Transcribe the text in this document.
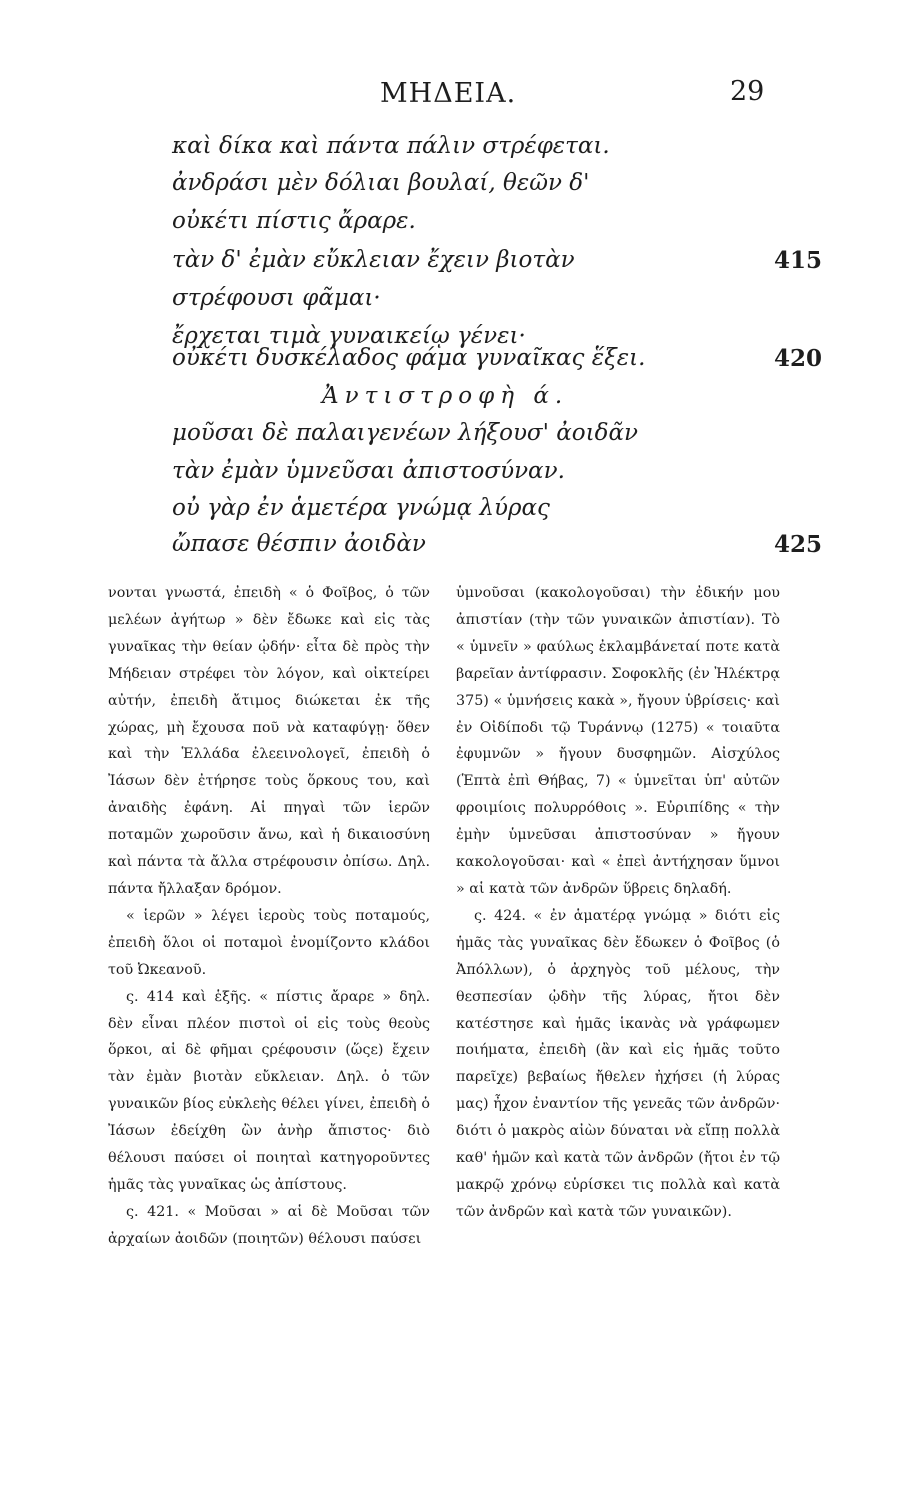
ΜΗΔΕΙΑ.	29
καὶ δίκα καὶ πάντα πάλιν στρέφεται.
ἀνδράσι μὲν δόλιαι βουλαί, θεῶν δ'
οὐκέτι πίστις ἄραρε.
τὰν δ' ἐμὰν εὔκλειαν ἔχειν βιοτὰν	415
στρέφουσι φᾶμαι·
ἔρχεται τιμὰ γυναικείῳ γένει·
οὐκέτι δυσκέλαδος φάμα γυναῖκας ἕξει.	420
Ἀντιστροφὴ ά.
μοῦσαι δὲ παλαιγενέων λήξουσ' ἀοιδᾶν
τὰν ἐμὰν ὑμνεῦσαι ἀπιστοσύναν.
οὐ γὰρ ἐν ἁμετέρα γνώμᾳ λύρας
ὤπασε θέσπιν ἀοιδὰν	425

νονται γνωστά, ἐπειδὴ « ὁ Φοῖβος, ὁ τῶν μελέων ἀγήτωρ » δὲν ἔδωκε καὶ εἰς τὰς γυναῖκας τὴν θείαν ᾠδήν· εἶτα δὲ πρὸς τὴν Μήδειαν στρέφει τὸν λόγον, καὶ οἰκτείρει αὐτήν, ἐπειδὴ ἄτιμος διώκεται ἐκ τῆς χώρας, μὴ ἔχουσα ποῦ νὰ καταφύγῃ· ὅθεν καὶ τὴν Ἑλλάδα ἐλεεινολογεῖ, ἐπειδὴ ὁ Ἰάσων δὲν ἐτήρησε τοὺς ὅρκους του, καὶ ἀναιδὴς ἐφάνη. Αἱ πηγαὶ τῶν ἱερῶν ποταμῶν χωροῦσιν ἄνω, καὶ ἡ δικαιοσύνη καὶ πάντα τὰ ἄλλα στρέφουσιν ὀπίσω. Δηλ. πάντα ἤλλαξαν δρόμον.

« ἱερῶν » λέγει ἱεροὺς τοὺς ποταμούς, ἐπειδὴ ὅλοι οἱ ποταμοὶ ἐνομίζοντο κλάδοι τοῦ Ὠκεανοῦ.

ς. 414 καὶ ἑξῆς. « πίστις ἄραρε » δηλ. δὲν εἶναι πλέον πιστοὶ οἱ εἰς τοὺς θεοὺς ὅρκοι, αἱ δὲ φῆμαι ςρέφουσιν (ὥςε) ἔχειν τὰν ἐμὰν βιοτὰν εὔκλειαν. Δηλ. ὁ τῶν γυναικῶν βίος εὐκλεὴς θέλει γίνει, ἐπειδὴ ὁ Ἰάσων ἐδείχθη ὢν ἀνὴρ ἄπιστος· διὸ θέλουσι παύσει οἱ ποιηταὶ κατηγοροῦντες ἡμᾶς τὰς γυναῖκας ὡς ἀπίστους.

ς. 421. « Μοῦσαι » αἱ δὲ Μοῦσαι τῶν ἀρχαίων ἀοιδῶν (ποιητῶν) θέλουσι παύσει

ὑμνοῦσαι (κακολογοῦσαι) τὴν ἐδικήν μου ἀπιστίαν (τὴν τῶν γυναικῶν ἀπιστίαν). Τὸ « ὑμνεῖν » φαύλως ἐκλαμβάνεταί ποτε κατὰ βαρεῖαν ἀντίφρασιν. Σοφοκλῆς (ἐν Ἠλέκτρᾳ 375) « ὑμνήσεις κακὰ », ἤγουν ὑβρίσεις· καὶ ἐν Οἰδίποδι τῷ Τυράννῳ (1275) « τοιαῦτα ἐφυμνῶν » ἤγουν δυσφημῶν. Αἰσχύλος (Ἑπτὰ ἐπὶ Θήβας, 7) « ὑμνεῖται ὑπ' αὐτῶν φροιμίοις πολυρρόθοις ». Εὐριπίδης « τὴν ἐμὴν ὑμνεῦσαι ἀπιστοσύναν » ἤγουν κακολογοῦσαι· καὶ « ἐπεὶ ἀντήχησαν ὕμνοι » αἱ κατὰ τῶν ἀνδρῶν ὕβρεις δηλαδή.

ς. 424. « ἐν ἁματέρᾳ γνώμᾳ » διότι εἰς ἡμᾶς τὰς γυναῖκας δὲν ἔδωκεν ὁ Φοῖβος (ὁ Ἀπόλλων), ὁ ἀρχηγὸς τοῦ μέλους, τὴν θεσπεσίαν ᾠδὴν τῆς λύρας, ἤτοι δὲν κατέστησε καὶ ἡμᾶς ἱκανὰς νὰ γράφωμεν ποιήματα, ἐπειδὴ (ἂν καὶ εἰς ἡμᾶς τοῦτο παρεῖχε) βεβαίως ἤθελεν ἠχήσει (ἡ λύρας μας) ἦχον ἐναντίον τῆς γενεᾶς τῶν ἀνδρῶν· διότι ὁ μακρὸς αἰὼν δύναται νὰ εἴπῃ πολλὰ καθ' ἡμῶν καὶ κατὰ τῶν ἀνδρῶν (ἤτοι ἐν τῷ μακρῷ χρόνῳ εὑρίσκει τις πολλὰ καὶ κατὰ τῶν ἀνδρῶν καὶ κατὰ τῶν γυναικῶν).
